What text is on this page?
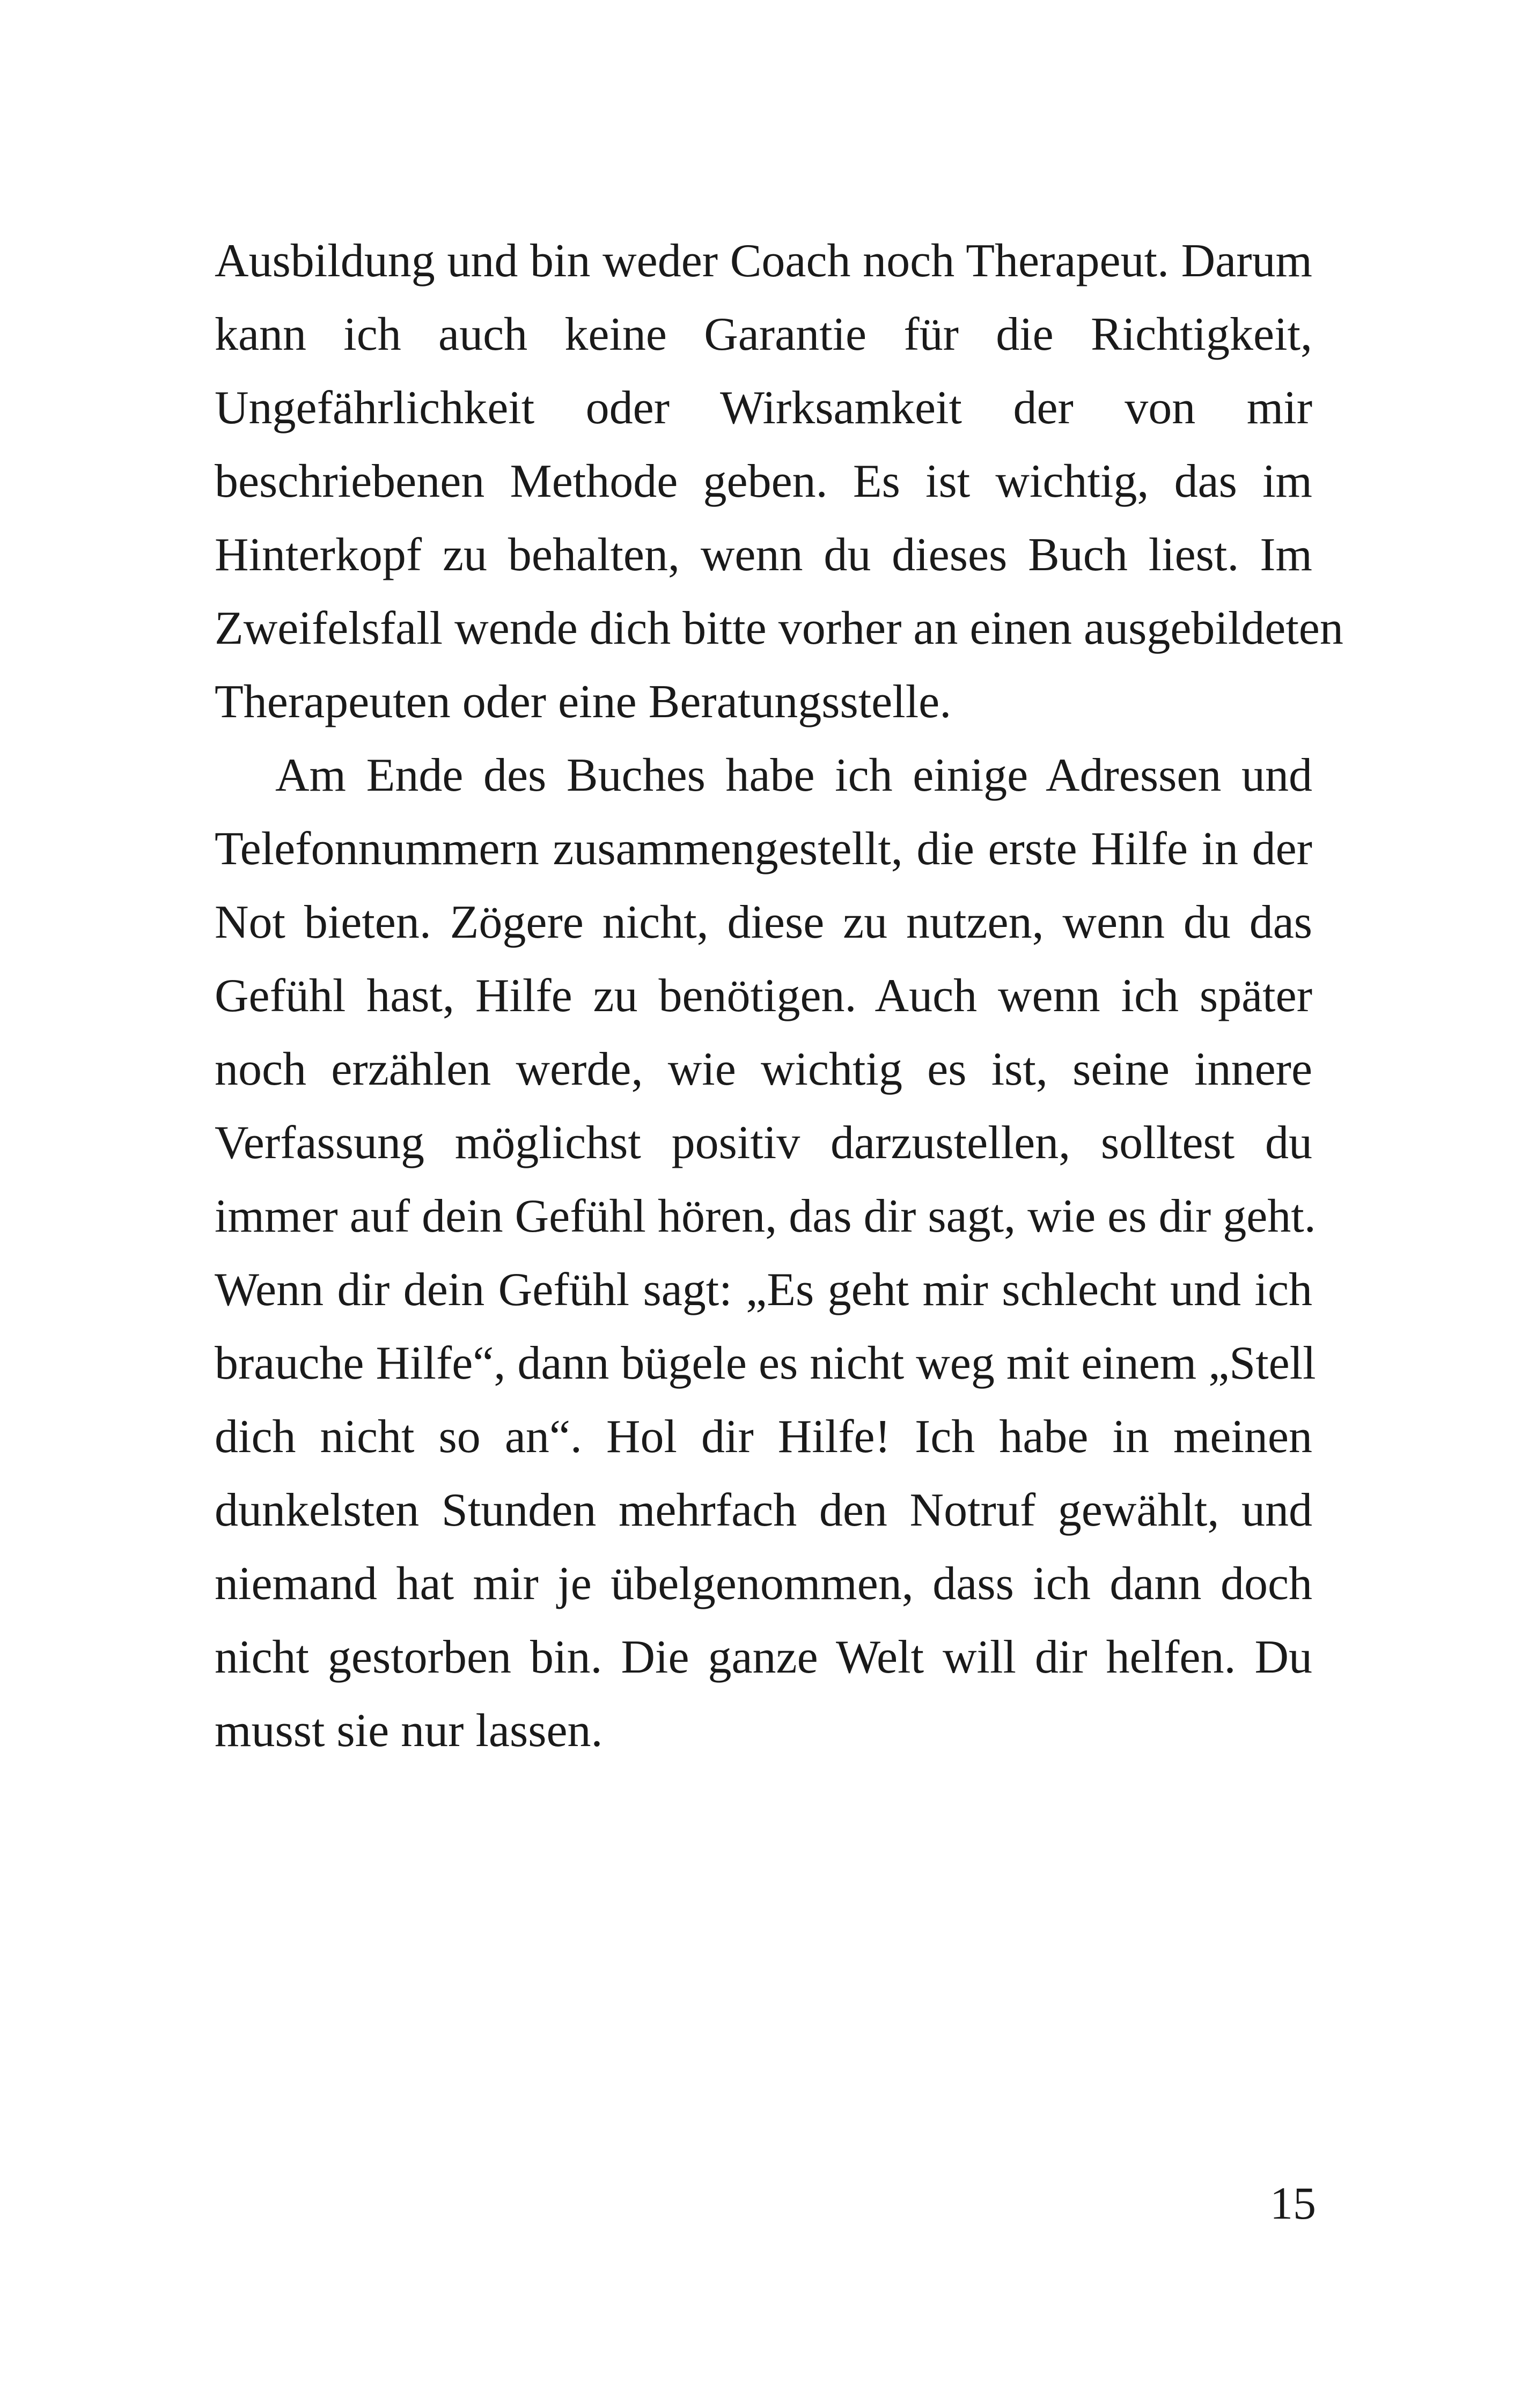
Ausbildung und bin weder Coach noch Therapeut. Darum
kann ich auch keine Garantie für die Richtigkeit,
Ungefährlichkeit oder Wirksamkeit der von mir
beschriebenen Methode geben. Es ist wichtig, das im
Hinterkopf zu behalten, wenn du dieses Buch liest. Im
Zweifelsfall wende dich bitte vorher an einen ausgebildeten
Therapeuten oder eine Beratungsstelle.
Am Ende des Buches habe ich einige Adressen und
Telefonnummern zusammengestellt, die erste Hilfe in der
Not bieten. Zögere nicht, diese zu nutzen, wenn du das
Gefühl hast, Hilfe zu benötigen. Auch wenn ich später
noch erzählen werde, wie wichtig es ist, seine innere
Verfassung möglichst positiv darzustellen, solltest du
immer auf dein Gefühl hören, das dir sagt, wie es dir geht.
Wenn dir dein Gefühl sagt: „Es geht mir schlecht und ich
brauche Hilfe“, dann bügele es nicht weg mit einem „Stell
dich nicht so an“. Hol dir Hilfe! Ich habe in meinen
dunkelsten Stunden mehrfach den Notruf gewählt, und
niemand hat mir je übelgenommen, dass ich dann doch
nicht gestorben bin. Die ganze Welt will dir helfen. Du
musst sie nur lassen.
15
